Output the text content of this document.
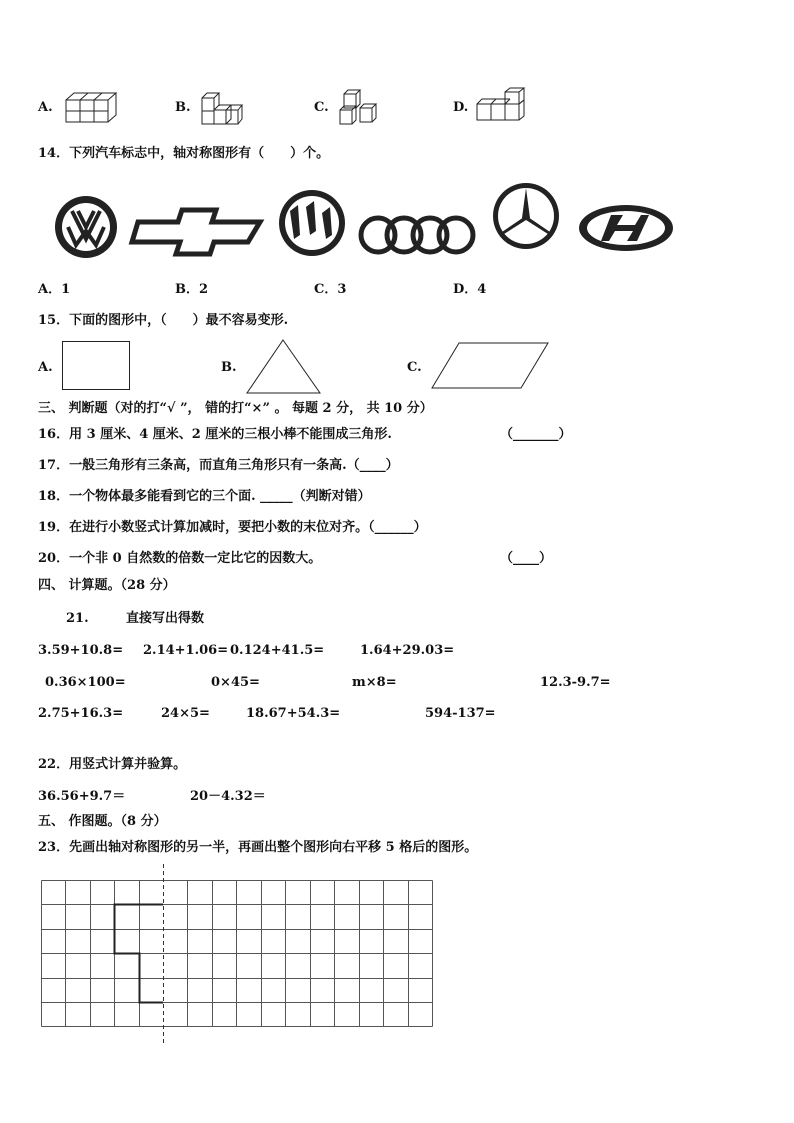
A.	B.	C.	D.
14．下列汽车标志中，轴对称图形有（　　）个。
A．1	B．2	C．3	D．4
15．下面的图形中，（　　）最不容易变形.
A.	B.	C.
三、 判断题（对的打“√ ”， 错的打“×” 。 每题 2 分， 共 10 分）
16．用 3 厘米、4 厘米、2 厘米的三根小棒不能围成三角形.	（_______）
17．一般三角形有三条高，而直角三角形只有一条高.（____）
18．一个物体最多能看到它的三个面. _____（判断对错）
19．在进行小数竖式计算加减时，要把小数的末位对齐。（______）
20．一个非 0 自然数的倍数一定比它的因数大。	（____）
四、 计算题。（28 分）
21.	直接写出得数
3.59+10.8= 2.14+1.06= 0.124+41.5=	1.64+29.03=
0.36×100=	0×45=	m×8=	12.3-9.7=
2.75+16.3=	24×5=	18.67+54.3=	594-137=
22．用竖式计算并验算。
36.56+9.7＝	20－4.32＝
五、 作图题。（8 分）
23．先画出轴对称图形的另一半，再画出整个图形向右平移 5 格后的图形。
